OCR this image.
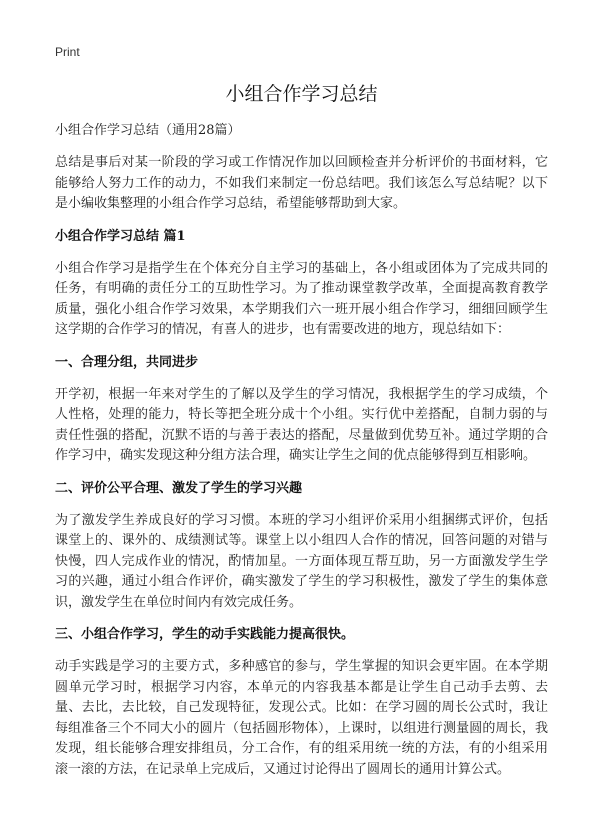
Print
小组合作学习总结

小组合作学习总结（通用28篇）

总结是事后对某一阶段的学习或工作情况作加以回顾检查并分析评价的书面材料，它能够给人努力工作的动力，不如我们来制定一份总结吧。我们该怎么写总结呢？以下是小编收集整理的小组合作学习总结，希望能够帮助到大家。

小组合作学习总结 篇1

小组合作学习是指学生在个体充分自主学习的基础上，各小组或团体为了完成共同的任务，有明确的责任分工的互助性学习。为了推动课堂教学改革，全面提高教育教学质量，强化小组合作学习效果，本学期我们六一班开展小组合作学习，细细回顾学生这学期的合作学习的情况，有喜人的进步，也有需要改进的地方，现总结如下：

一、合理分组，共同进步

开学初，根据一年来对学生的了解以及学生的学习情况，我根据学生的学习成绩，个人性格，处理的能力，特长等把全班分成十个小组。实行优中差搭配，自制力弱的与责任性强的搭配，沉默不语的与善于表达的搭配，尽量做到优势互补。通过学期的合作学习中，确实发现这种分组方法合理，确实让学生之间的优点能够得到互相影响。

二、评价公平合理、激发了学生的学习兴趣

为了激发学生养成良好的学习习惯。本班的学习小组评价采用小组捆绑式评价，包括课堂上的、课外的、成绩测试等。课堂上以小组四人合作的情况，回答问题的对错与快慢，四人完成作业的情况，酌情加星。一方面体现互帮互助，另一方面激发学生学习的兴趣，通过小组合作评价，确实激发了学生的学习积极性，激发了学生的集体意识，激发学生在单位时间内有效完成任务。

三、小组合作学习，学生的动手实践能力提高很快。

动手实践是学习的主要方式，多种感官的参与，学生掌握的知识会更牢固。在本学期圆单元学习时，根据学习内容，本单元的内容我基本都是让学生自己动手去剪、去量、去比，去比较，自己发现特征，发现公式。比如：在学习圆的周长公式时，我让每组准备三个不同大小的圆片（包括圆形物体），上课时，以组进行测量圆的周长，我发现，组长能够合理安排组员，分工合作，有的组采用统一统的方法，有的小组采用滚一滚的方法，在记录单上完成后，又通过讨论得出了圆周长的通用计算公式。
